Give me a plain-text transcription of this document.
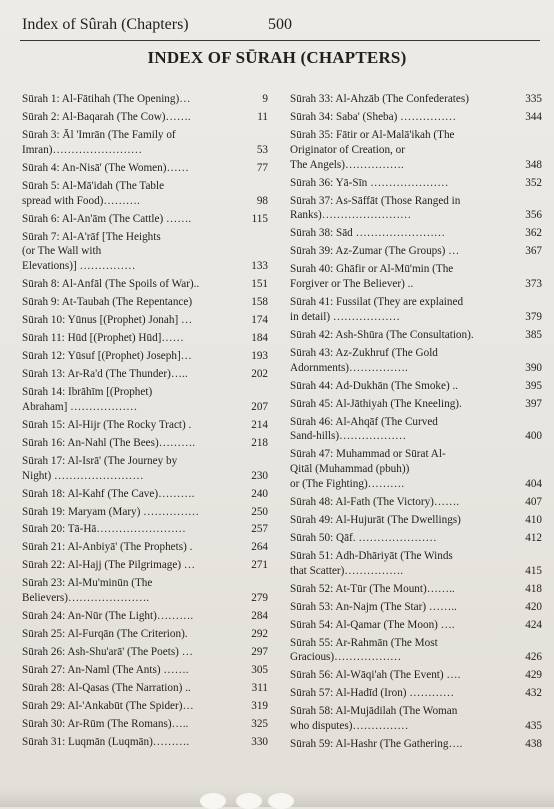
Index of Sûrah (Chapters)	500
INDEX OF SŪRAH (CHAPTERS)
Sūrah 1: Al-Fātihah (The Opening)…	9
Sūrah 2: Al-Baqarah (The Cow)…….	11
Sūrah 3: Āl 'Imrān (The Family of
Imran)……………………	53
Sūrah 4: An-Nisā' (The Women)……	77
Sūrah 5: Al-Mā'idah (The Table
spread with Food)……….	98
Sūrah 6: Al-An'ām (The Cattle) …….	115
Sūrah 7: Al-A'rāf [The Heights
(or The Wall with
Elevations)] ……………	133
Sūrah 8: Al-Anfāl (The Spoils of War)..	151
Sūrah 9: At-Taubah (The Repentance)	158
Sūrah 10: Yūnus [(Prophet) Jonah] …	174
Sūrah 11: Hūd [(Prophet) Hūd]……	184
Sūrah 12: Yūsuf [(Prophet) Joseph]…	193
Sūrah 13: Ar-Ra'd (The Thunder)…..	202
Sūrah 14: Ibrāhīm [(Prophet)
Abraham] ………………	207
Sūrah 15: Al-Hijr (The Rocky Tract) .	214
Sūrah 16: An-Nahl (The Bees)……….	218
Sūrah 17: Al-Isrā' (The Journey by
Night) ……………………	230
Sūrah 18: Al-Kahf (The Cave)……….	240
Sūrah 19: Maryam (Mary) ……………	250
Sūrah 20: Tā-Hā……………………	257
Sūrah 21: Al-Anbiyā' (The Prophets) .	264
Sūrah 22: Al-Hajj (The Pilgrimage) …	271
Sūrah 23: Al-Mu'minūn (The
Believers)………………….	279
Sūrah 24: An-Nūr (The Light)……….	284
Sūrah 25: Al-Furqān (The Criterion).	292
Sūrah 26: Ash-Shu'arā' (The Poets) …	297
Sūrah 27: An-Naml (The Ants) …….	305
Sūrah 28: Al-Qasas (The Narration) ..	311
Sūrah 29: Al-'Ankabūt (The Spider)…	319
Sūrah 30: Ar-Rūm (The Romans)…..	325
Sūrah 31: Luqmān (Luqmān)……….	330
Sūrah 33: Al-Ahzāb (The Confederates)	335
Sūrah 34: Saba' (Sheba) ……………	344
Sūrah 35: Fātir or Al-Malā'ikah (The
Originator of Creation, or
The Angels)…………….	348
Sūrah 36: Yā-Sīn …………………	352
Sūrah 37: As-Sāffāt (Those Ranged in
Ranks)……………………	356
Sūrah 38: Sād ……………………	362
Sūrah 39: Az-Zumar (The Groups) …	367
Surah 40: Ghāfir or Al-Mū'min (The
Forgiver or The Believer) ..	373
Sūrah 41: Fussilat (They are explained
in detail) ………………	379
Sūrah 42: Ash-Shūra (The Consultation).	385
Sūrah 43: Az-Zukhruf (The Gold
Adornments)…………….	390
Sūrah 44: Ad-Dukhān (The Smoke) ..	395
Sūrah 45: Al-Jāthiyah (The Kneeling).	397
Sūrah 46: Al-Ahqāf (The Curved
Sand-hills)………………	400
Sūrah 47: Muhammad or Sūrat Al-
Qitāl (Muhammad (pbuh))
or (The Fighting)……….	404
Sūrah 48: Al-Fath (The Victory)…….	407
Sūrah 49: Al-Hujurāt (The Dwellings)	410
Sūrah 50: Qāf. …………………	412
Sūrah 51: Adh-Dhāriyāt (The Winds
that Scatter)…………….	415
Sūrah 52: At-Tūr (The Mount)……..	418
Sūrah 53: An-Najm (The Star) ……..	420
Sūrah 54: Al-Qamar (The Moon) ….	424
Sūrah 55: Ar-Rahmān (The Most
Gracious)………………	426
Sūrah 56: Al-Wāqi'ah (The Event) ….	429
Sūrah 57: Al-Hadīd (Iron) …………	432
Sūrah 58: Al-Mujādilah (The Woman
who disputes)……………	435
Sūrah 59: Al-Hashr (The Gathering….	438
